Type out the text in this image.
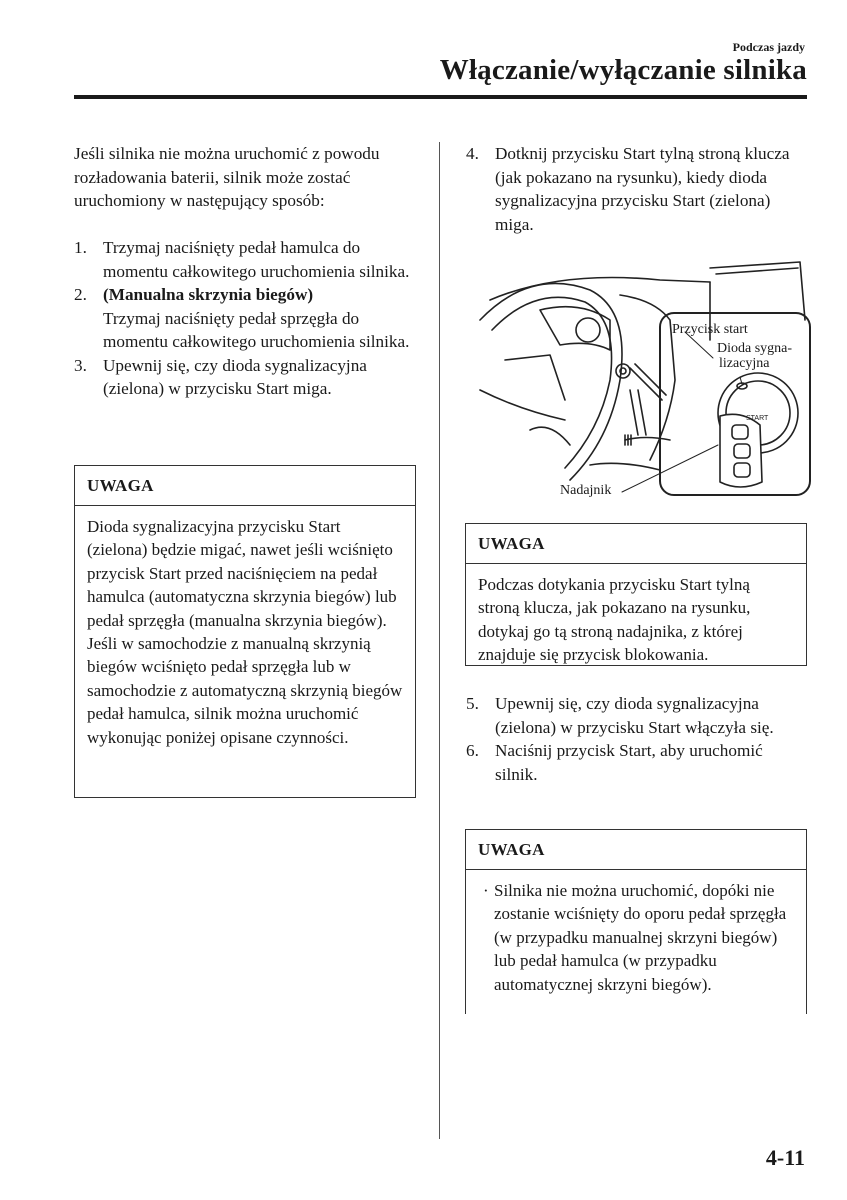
Podczas jazdy
Włączanie/wyłączanie silnika

Jeśli silnika nie można uruchomić z powodu rozładowania baterii, silnik może zostać uruchomiony w następujący sposób:

1. Trzymaj naciśnięty pedał hamulca do momentu całkowitego uruchomienia silnika.
2. (Manualna skrzynia biegów)
Trzymaj naciśnięty pedał sprzęgła do momentu całkowitego uruchomienia silnika.
3. Upewnij się, czy dioda sygnalizacyjna (zielona) w przycisku Start miga.
UWAGA
Dioda sygnalizacyjna przycisku Start (zielona) będzie migać, nawet jeśli wciśnięto przycisk Start przed naciśnięciem na pedał hamulca (automatyczna skrzynia biegów) lub pedał sprzęgła (manualna skrzynia biegów). Jeśli w samochodzie z manualną skrzynią biegów wciśnięto pedał sprzęgła lub w samochodzie z automatyczną skrzynią biegów pedał hamulca, silnik można uruchomić wykonując poniżej opisane czynności.
4. Dotknij przycisku Start tylną stroną klucza (jak pokazano na rysunku), kiedy dioda sygnalizacyjna przycisku Start (zielona) miga.
START
Przycisk start
Dioda sygna-
lizacyjna
Nadajnik
UWAGA
Podczas dotykania przycisku Start tylną stroną klucza, jak pokazano na rysunku, dotykaj go tą stroną nadajnika, z której znajduje się przycisk blokowania.
5. Upewnij się, czy dioda sygnalizacyjna (zielona) w przycisku Start włączyła się.
6. Naciśnij przycisk Start, aby uruchomić silnik.
UWAGA
· Silnika nie można uruchomić, dopóki nie zostanie wciśnięty do oporu pedał sprzęgła (w przypadku manualnej skrzyni biegów) lub pedał hamulca (w przypadku automatycznej skrzyni biegów).
4-11
